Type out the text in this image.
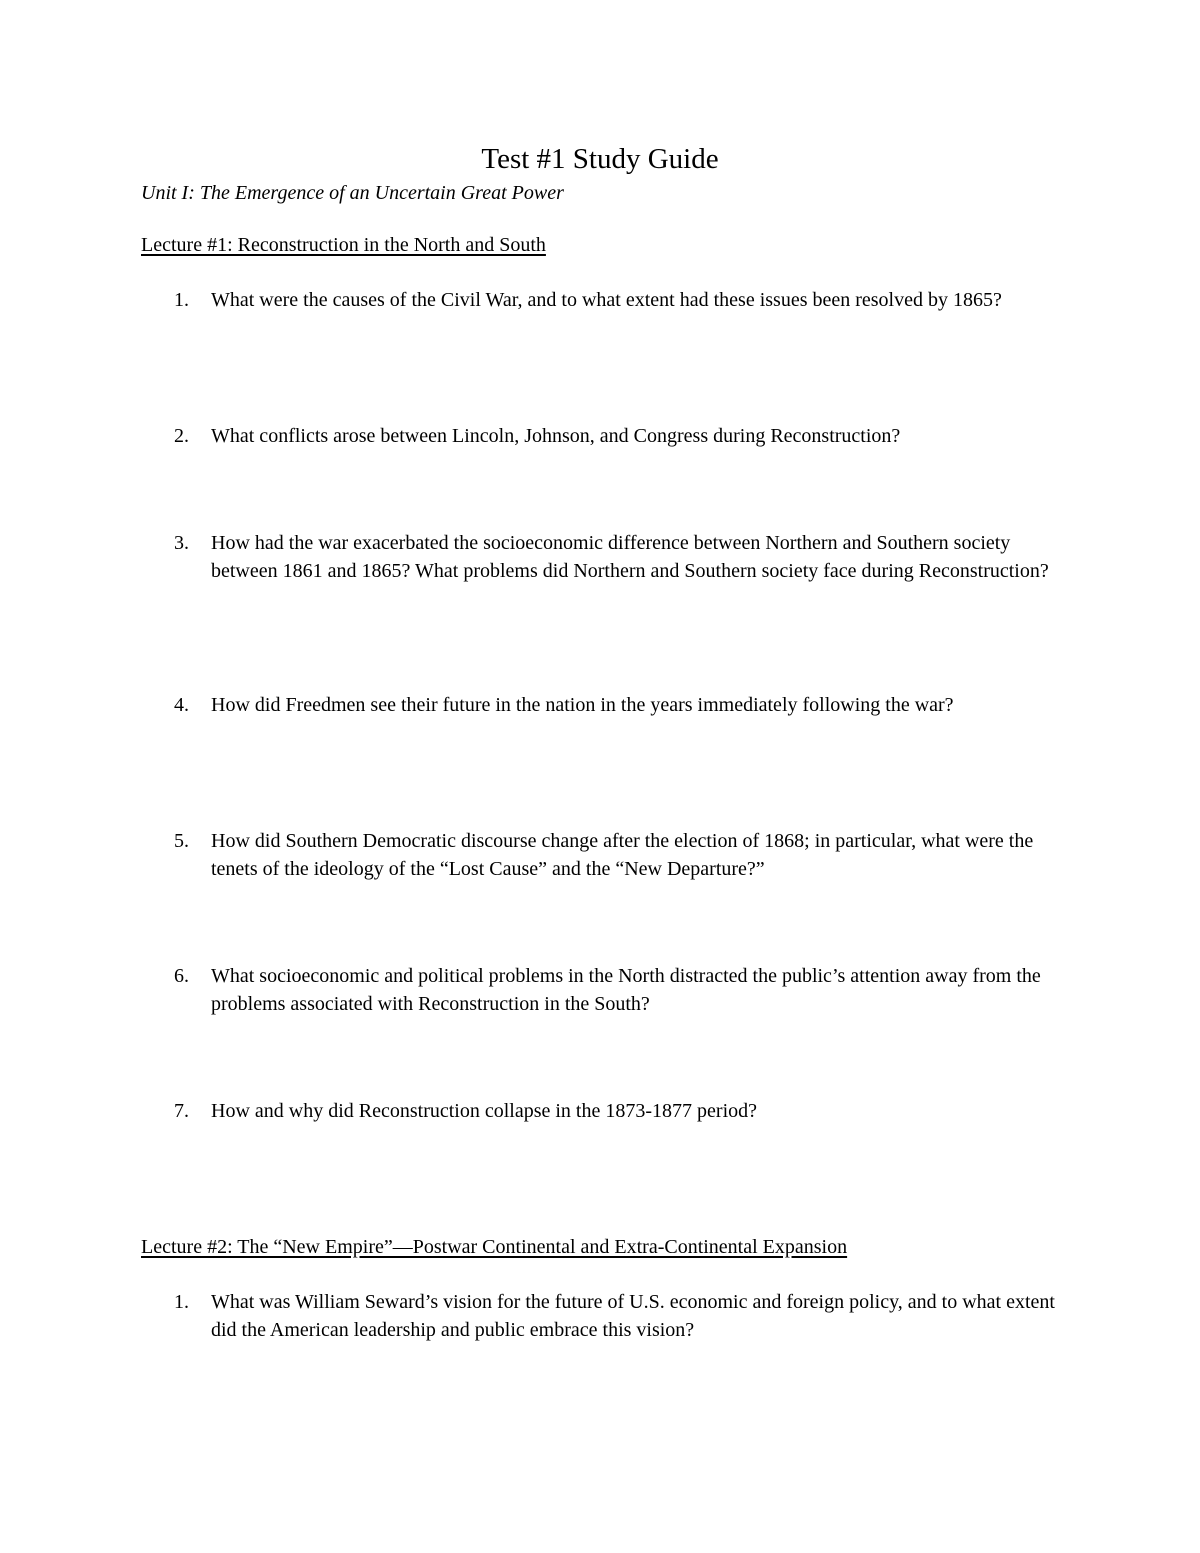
Test #1 Study Guide

Unit I: The Emergence of an Uncertain Great Power

Lecture #1: Reconstruction in the North and South

1.	What were the causes of the Civil War, and to what extent had these issues been resolved by 1865?
2.	What conflicts arose between Lincoln, Johnson, and Congress during Reconstruction?
3.	How had the war exacerbated the socioeconomic difference between Northern and Southern society between 1861 and 1865? What problems did Northern and Southern society face during Reconstruction?
4.	How did Freedmen see their future in the nation in the years immediately following the war?
5.	How did Southern Democratic discourse change after the election of 1868; in particular, what were the tenets of the ideology of the “Lost Cause” and the “New Departure?”
6.	What socioeconomic and political problems in the North distracted the public’s attention away from the problems associated with Reconstruction in the South?
7.	How and why did Reconstruction collapse in the 1873-1877 period?

Lecture #2: The “New Empire”—Postwar Continental and Extra-Continental Expansion

1.	What was William Seward’s vision for the future of U.S. economic and foreign policy, and to what extent did the American leadership and public embrace this vision?
